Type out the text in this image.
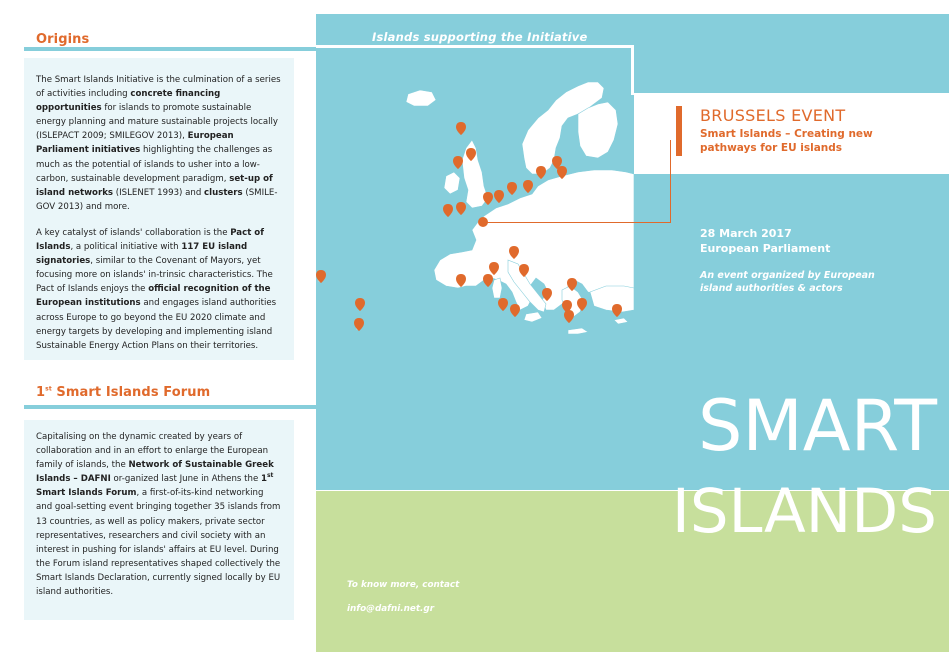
Origins

The Smart Islands Initiative is the culmination of a series of activities including concrete financing opportunities for islands to promote sustainable energy planning and mature sustainable projects locally (ISLEPACT 2009; SMILEGOV 2013), European Parliament initiatives highlighting the challenges as much as the potential of islands to usher into a low-carbon, sustainable development paradigm, set-up of island networks (ISLENET 1993) and clusters (SMILE-GOV 2013) and more.

A key catalyst of islands' collaboration is the Pact of Islands, a political initiative with 117 EU island signatories, similar to the Covenant of Mayors, yet focusing more on islands' in-trinsic characteristics. The Pact of Islands enjoys the official recognition of the European institutions and engages island authorities across Europe to go beyond the EU 2020 climate and energy targets by developing and implementing island Sustainable Energy Action Plans on their territories.

1st Smart Islands Forum

Capitalising on the dynamic created by years of collaboration and in an effort to enlarge the European family of islands, the Network of Sustainable Greek Islands – DAFNI or-ganized last June in Athens the 1st Smart Islands Forum, a first-of-its-kind networking and goal-setting event bringing together 35 islands from 13 countries, as well as policy makers, private sector representatives, researchers and civil society with an interest in pushing for islands' affairs at EU level. During the Forum island representatives shaped collectively the Smart Islands Declaration, currently signed locally by EU island authorities.

Islands supporting the Initiative
BRUSSELS EVENT
Smart Islands – Creating new pathways for EU islands
28 March 2017
European Parliament
An event organized by European island authorities & actors
SMART
ISLANDS
To know more, contact
info@dafni.net.gr
